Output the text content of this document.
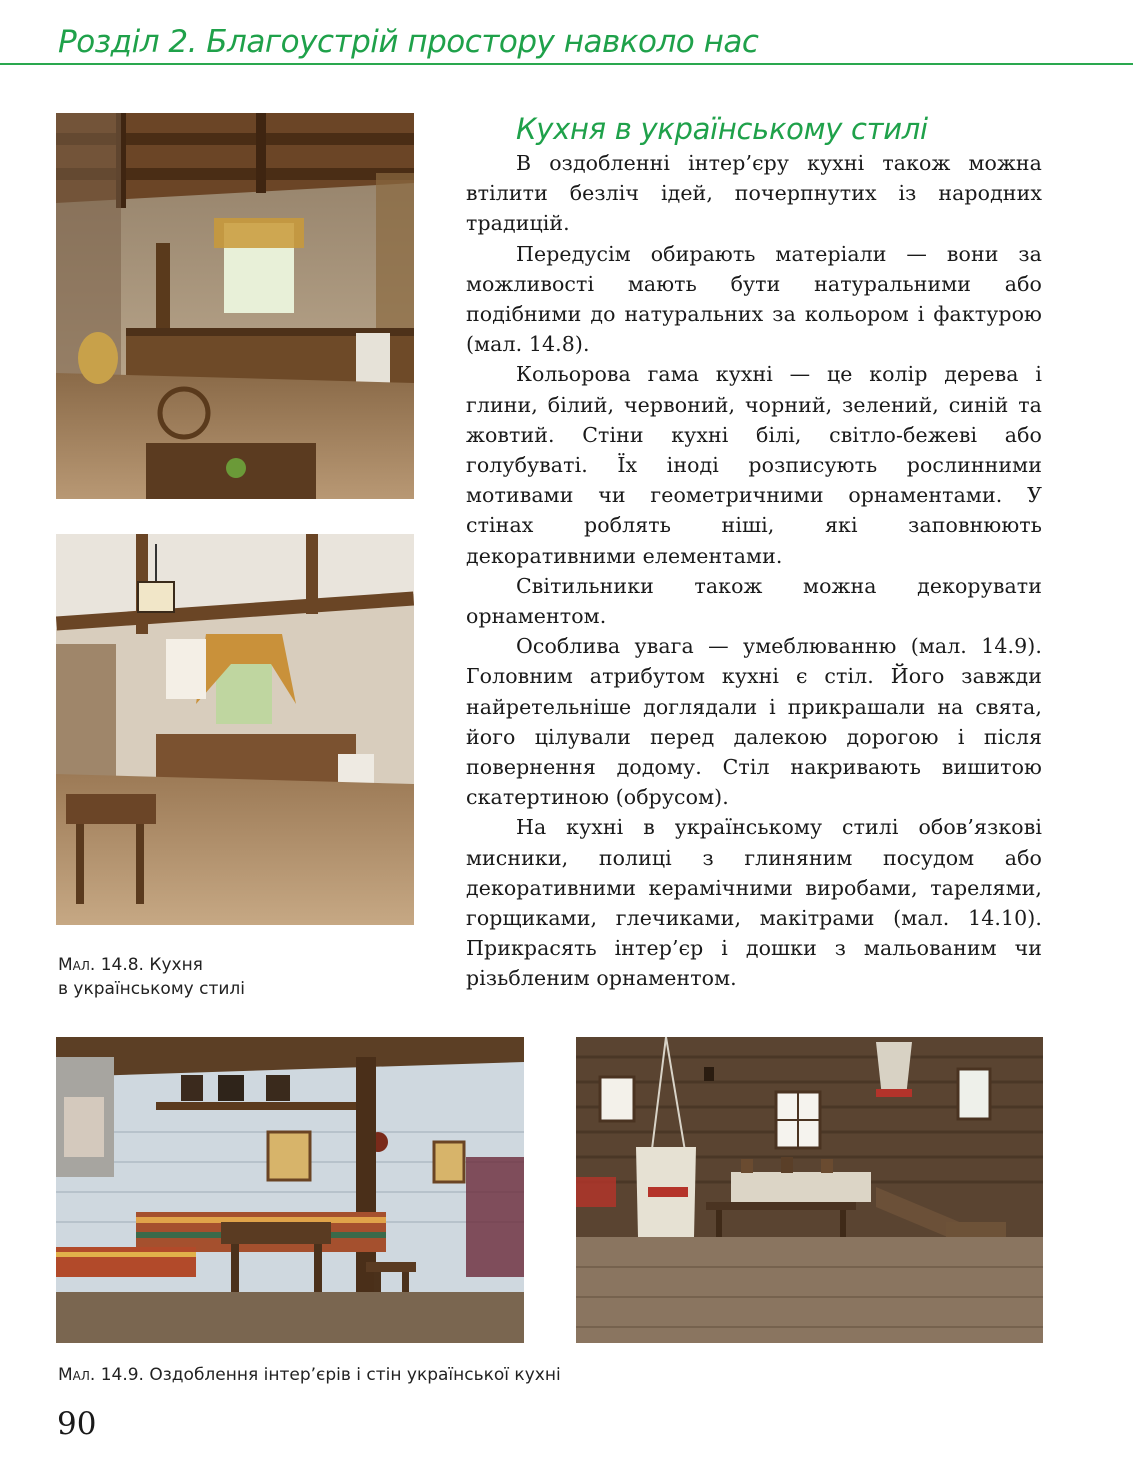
Розділ 2. Благоустрій простору навколо нас
Мал. 14.8. Кухня
в українському стилі
Кухня в українському стилі

В оздобленні інтер’єру кухні також можна втілити безліч ідей, почерпнутих із народних традицій.

Передусім обирають матеріали — вони за можливості мають бути натуральними або подібними до натуральних за кольором і фактурою (мал. 14.8).

Кольорова гама кухні — це колір дерева і глини, білий, червоний, чорний, зелений, синій та жовтий. Стіни кухні білі, світло-бежеві або голубуваті. Їх іноді розписують рослинними мотивами чи геометричними орнаментами. У стінах роблять ніші, які заповнюють декоративними елементами.

Світильники також можна декорувати орнаментом.

Особлива увага — умеблюванню (мал. 14.9). Головним атрибутом кухні є стіл. Його завжди найретельніше доглядали і прикрашали на свята, його цілували перед далекою дорогою і після повернення додому. Стіл накривають вишитою скатертиною (обрусом).

На кухні в українському стилі обов’язкові мисники, полиці з глиняним посудом або декоративними керамічними виробами, тарелями, горщиками, глечиками, макітрами (мал. 14.10). Прикрасять інтер’єр і дошки з мальованим чи різьбленим орнаментом.

Мал. 14.9. Оздоблення інтер’єрів і стін української кухні
90
